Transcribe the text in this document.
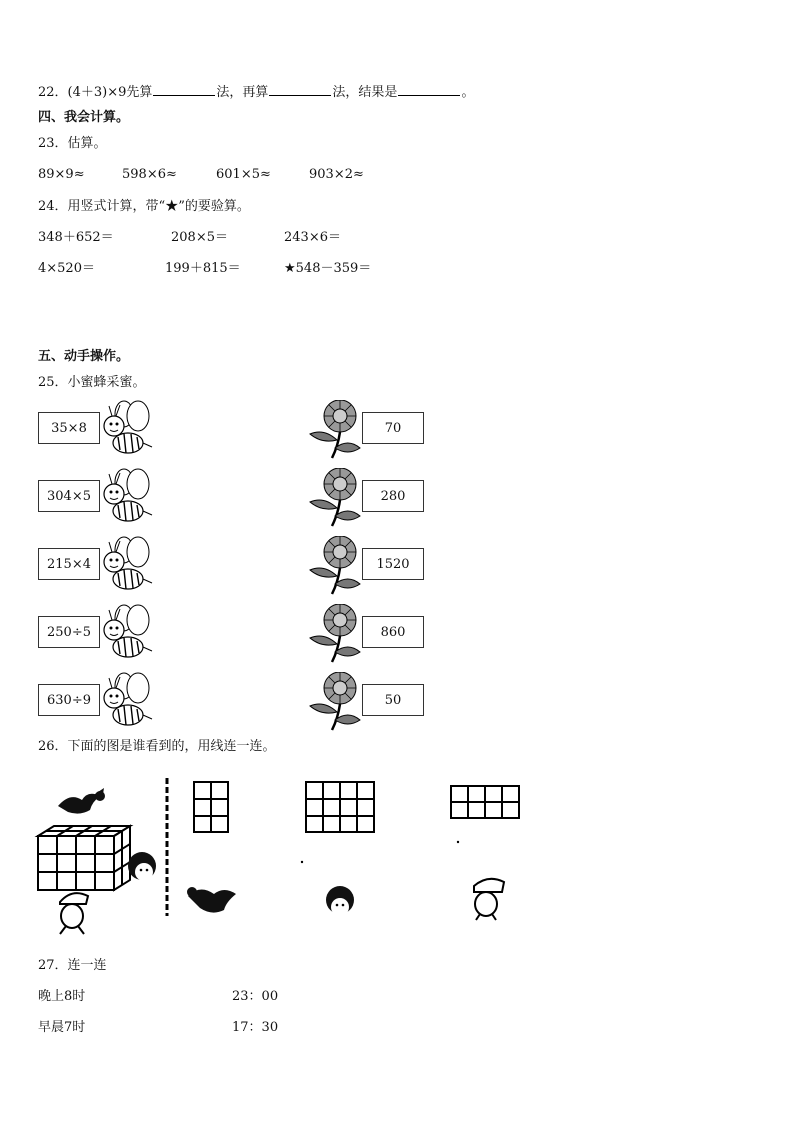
22．(4＋3)×9先算	法，再算	法，结果是	。
四、我会计算。
23．估算。
89×9≈	598×6≈	601×5≈	903×2≈
24．用竖式计算，带“★”的要验算。
348＋652＝	208×5＝	243×6＝
4×520＝	199＋815＝	★548－359＝
五、动手操作。
25．小蜜蜂采蜜。
35×8
304×5
215×4
250÷5
630÷9
70
280
1520
860
50
26．下面的图是谁看到的，用线连一连。
27．连一连
晚上8时	23：00
早晨7时	17：30
